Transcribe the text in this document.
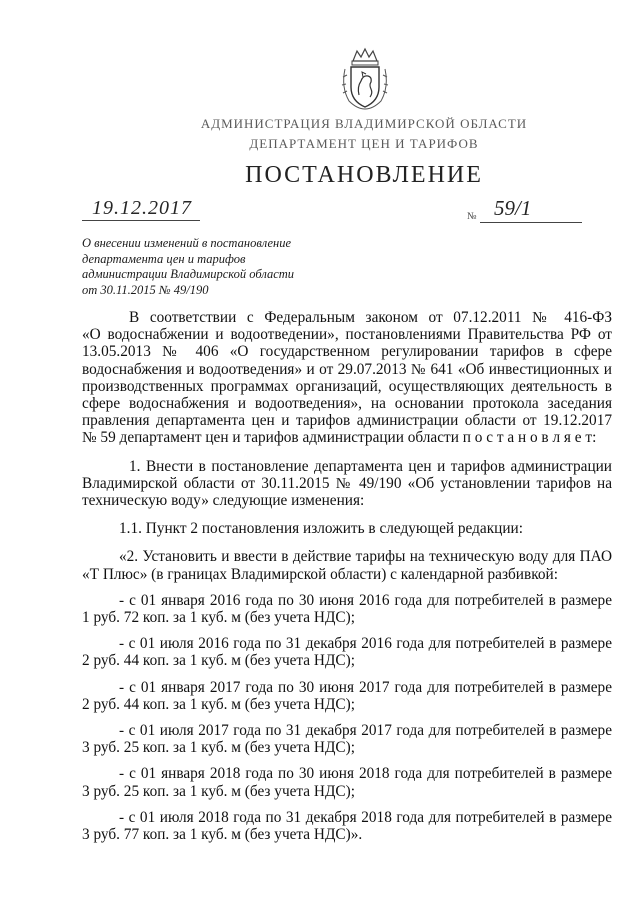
АДМИНИСТРАЦИЯ ВЛАДИМИРСКОЙ ОБЛАСТИ
ДЕПАРТАМЕНТ ЦЕН И ТАРИФОВ
ПОСТАНОВЛЕНИЕ
19.12.2017	№ 59/1
О внесении изменений в постановление
департамента цен и тарифов
администрации Владимирской области
от 30.11.2015 № 49/190
В соответствии с Федеральным законом от 07.12.2011 № 416-ФЗ
«О водоснабжении и водоотведении», постановлениями Правительства РФ от
13.05.2013 № 406 «О государственном регулировании тарифов в сфере
водоснабжения и водоотведения» и от 29.07.2013 № 641 «Об инвестиционных и
производственных программах организаций, осуществляющих деятельность в
сфере водоснабжения и водоотведения», на основании протокола заседания
правления департамента цен и тарифов администрации области от 19.12.2017
№ 59 департамент цен и тарифов администрации области п о с т а н о в л я е т:
1. Внести в постановление департамента цен и тарифов администрации
Владимирской области от 30.11.2015 № 49/190 «Об установлении тарифов на
техническую воду» следующие изменения:
1.1. Пункт 2 постановления изложить в следующей редакции:
«2. Установить и ввести в действие тарифы на техническую воду для ПАО
«Т Плюс» (в границах Владимирской области) с календарной разбивкой:
- с 01 января 2016 года по 30 июня 2016 года для потребителей в размере
1 руб. 72 коп. за 1 куб. м (без учета НДС);
- с 01 июля 2016 года по 31 декабря 2016 года для потребителей в размере
2 руб. 44 коп. за 1 куб. м (без учета НДС);
- с 01 января 2017 года по 30 июня 2017 года для потребителей в размере
2 руб. 44 коп. за 1 куб. м (без учета НДС);
- с 01 июля 2017 года по 31 декабря 2017 года для потребителей в размере
3 руб. 25 коп. за 1 куб. м (без учета НДС);
- с 01 января 2018 года по 30 июня 2018 года для потребителей в размере
3 руб. 25 коп. за 1 куб. м (без учета НДС);
- с 01 июля 2018 года по 31 декабря 2018 года для потребителей в размере
3 руб. 77 коп. за 1 куб. м (без учета НДС)».
